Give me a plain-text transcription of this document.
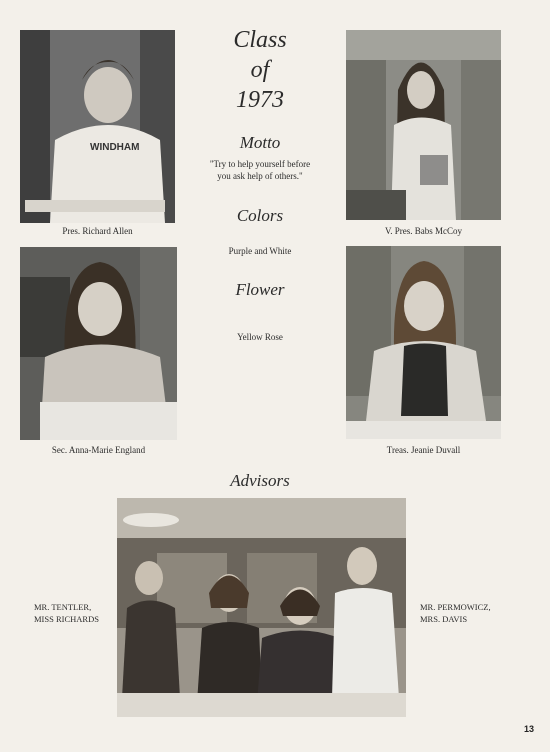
WINDHAM
Pres. Richard Allen	V. Pres. Babs McCoy
Sec. Anna-Marie England	Treas. Jeanie Duvall
Class
of
1973
Motto
"Try to help yourself before
you ask help of others."
Colors
Purple and White
Flower
Yellow Rose
Advisors
MR. TENTLER,
MISS RICHARDS
MR. PERMOWICZ,
MRS. DAVIS
13
